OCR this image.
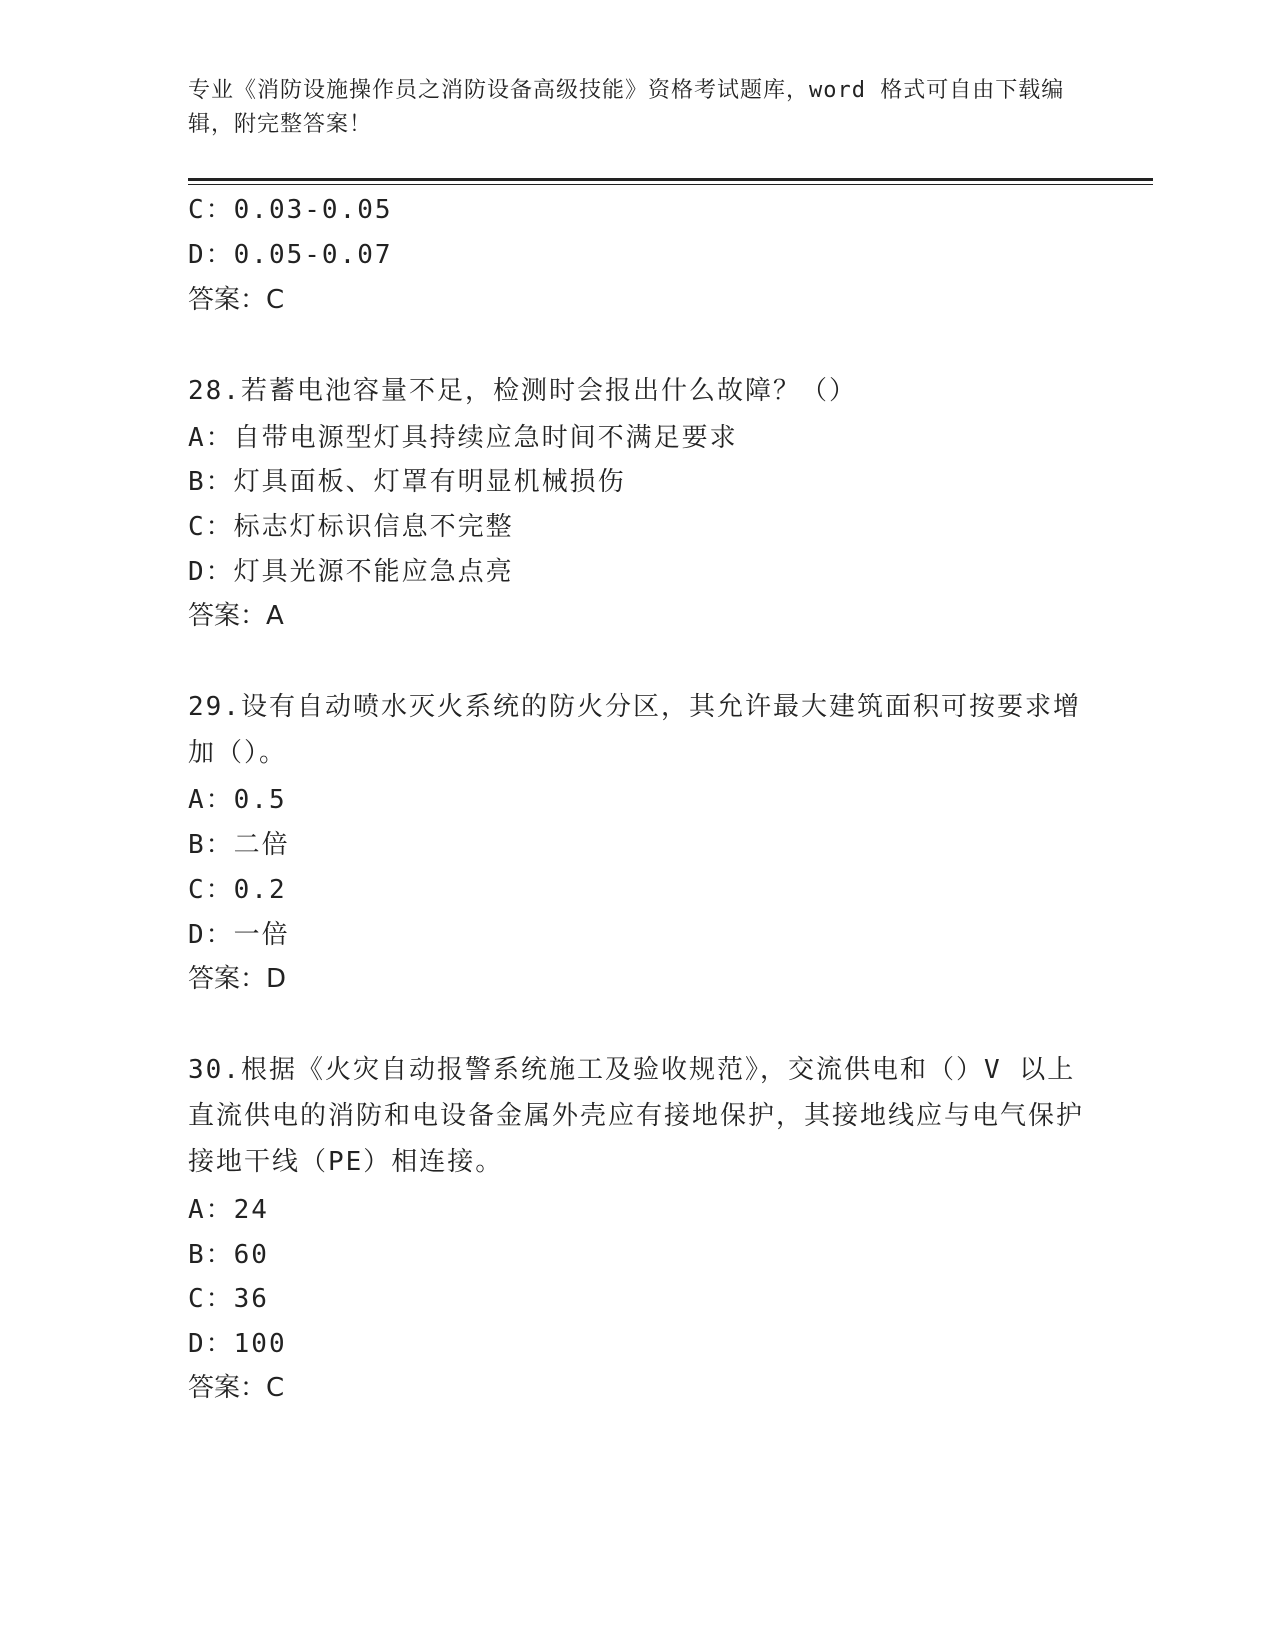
专业《消防设施操作员之消防设备高级技能》资格考试题库，word 格式可自由下载编辑，附完整答案！
C：0.03-0.05
D：0.05-0.07
答案：C
28.若蓄电池容量不足，检测时会报出什么故障？（）
A：自带电源型灯具持续应急时间不满足要求
B：灯具面板、灯罩有明显机械损伤
C：标志灯标识信息不完整
D：灯具光源不能应急点亮
答案：A
29.设有自动喷水灭火系统的防火分区，其允许最大建筑面积可按要求增加（）。
A：0.5
B：二倍
C：0.2
D：一倍
答案：D
30.根据《火灾自动报警系统施工及验收规范》，交流供电和（）V 以上直流供电的消防和电设备金属外壳应有接地保护，其接地线应与电气保护接地干线（PE）相连接。
A：24
B：60
C：36
D：100
答案：C
